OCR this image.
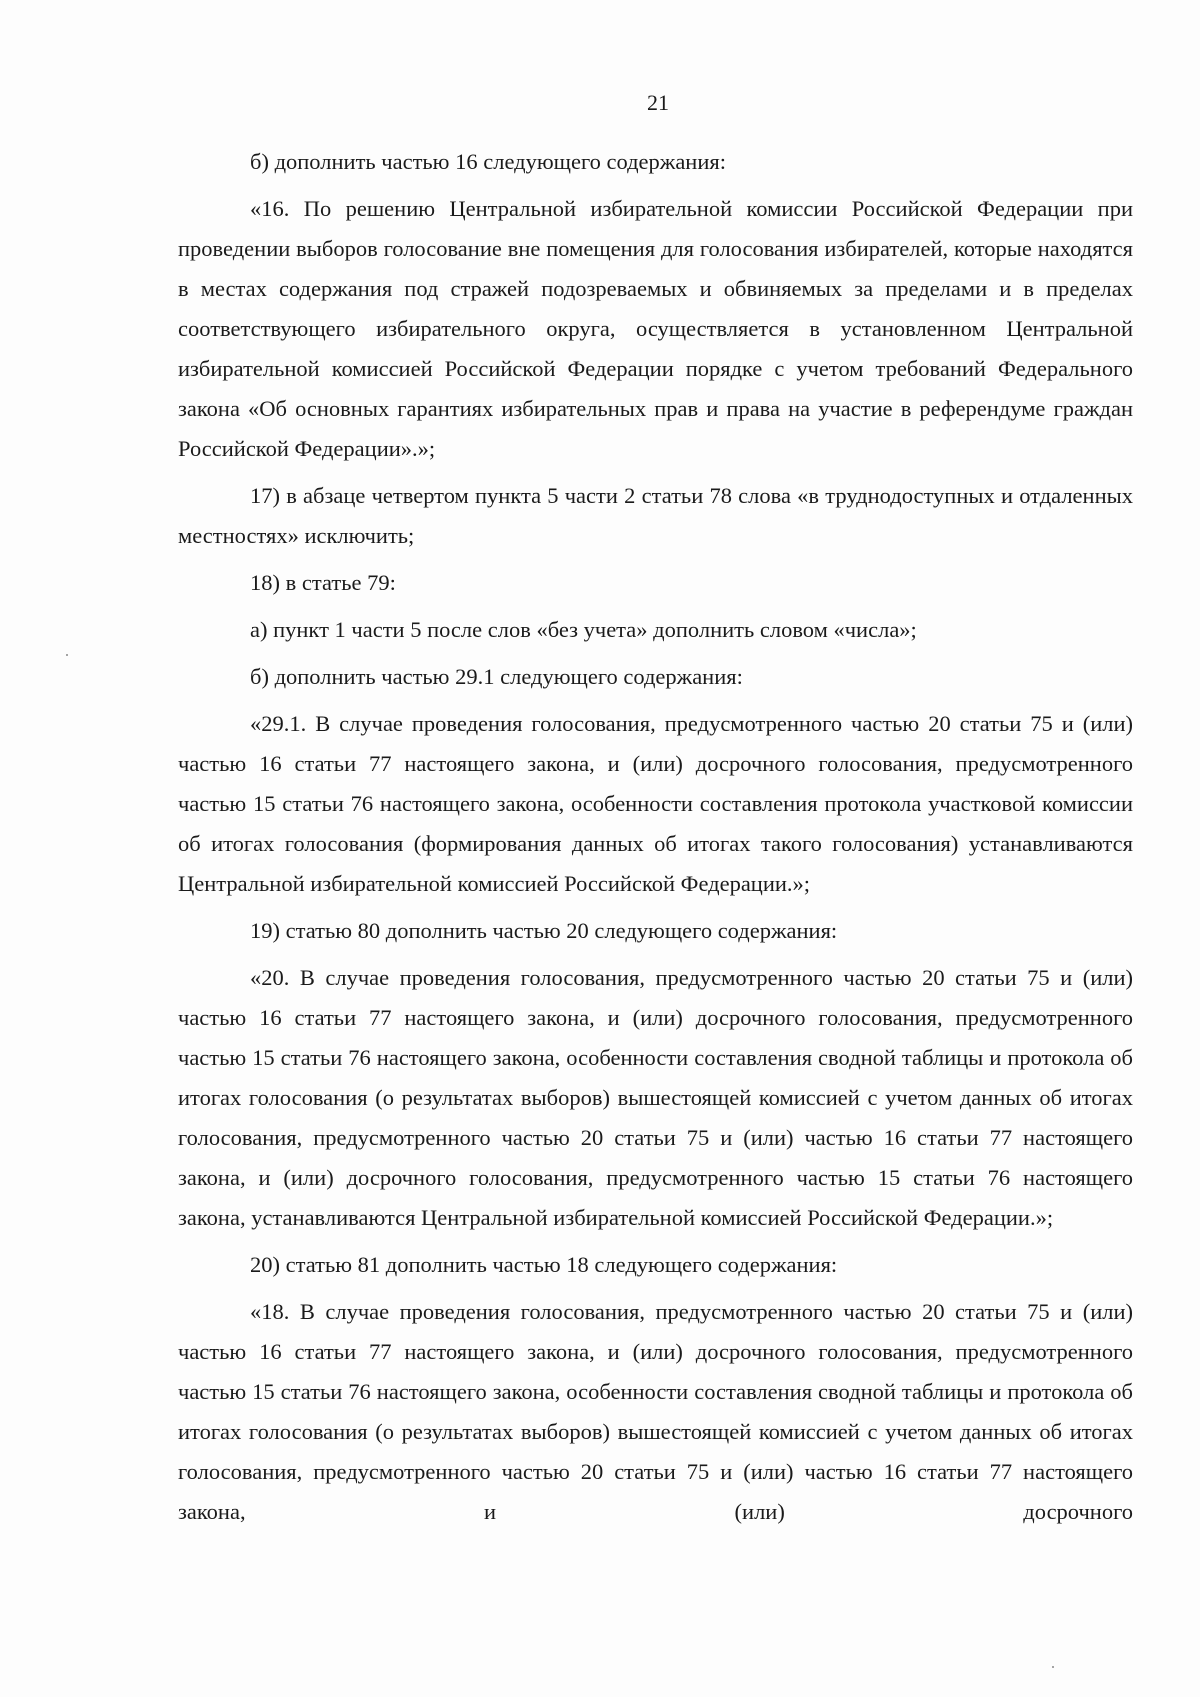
21

б) дополнить частью 16 следующего содержания:

«16. По решению Центральной избирательной комиссии Российской Федерации при проведении выборов голосование вне помещения для голосования избирателей, которые находятся в местах содержания под стражей подозреваемых и обвиняемых за пределами и в пределах соответствующего избирательного округа, осуществляется в установленном Центральной избирательной комиссией Российской Федерации порядке с учетом требований Федерального закона «Об основных гарантиях избирательных прав и права на участие в референдуме граждан Российской Федерации».»;

17) в абзаце четвертом пункта 5 части 2 статьи 78 слова «в труднодоступных и отдаленных местностях» исключить;

18) в статье 79:

а) пункт 1 части 5 после слов «без учета» дополнить словом «числа»;

б) дополнить частью 29.1 следующего содержания:

«29.1. В случае проведения голосования, предусмотренного частью 20 статьи 75 и (или) частью 16 статьи 77 настоящего закона, и (или) досрочного голосования, предусмотренного частью 15 статьи 76 настоящего закона, особенности составления протокола участковой комиссии об итогах голосования (формирования данных об итогах такого голосования) устанавливаются Центральной избирательной комиссией Российской Федерации.»;

19) статью 80 дополнить частью 20 следующего содержания:

«20. В случае проведения голосования, предусмотренного частью 20 статьи 75 и (или) частью 16 статьи 77 настоящего закона, и (или) досрочного голосования, предусмотренного частью 15 статьи 76 настоящего закона, особенности составления сводной таблицы и протокола об итогах голосования (о результатах выборов) вышестоящей комиссией с учетом данных об итогах голосования, предусмотренного частью 20 статьи 75 и (или) частью 16 статьи 77 настоящего закона, и (или) досрочного голосования, предусмотренного частью 15 статьи 76 настоящего закона, устанавливаются Центральной избирательной комиссией Российской Федерации.»;

20) статью 81 дополнить частью 18 следующего содержания:

«18. В случае проведения голосования, предусмотренного частью 20 статьи 75 и (или) частью 16 статьи 77 настоящего закона, и (или) досрочного голосования, предусмотренного частью 15 статьи 76 настоящего закона, особенности составления сводной таблицы и протокола об итогах голосования (о результатах выборов) вышестоящей комиссией с учетом данных об итогах голосования, предусмотренного частью 20 статьи 75 и (или) частью 16 статьи 77 настоящего закона, и (или) досрочного
